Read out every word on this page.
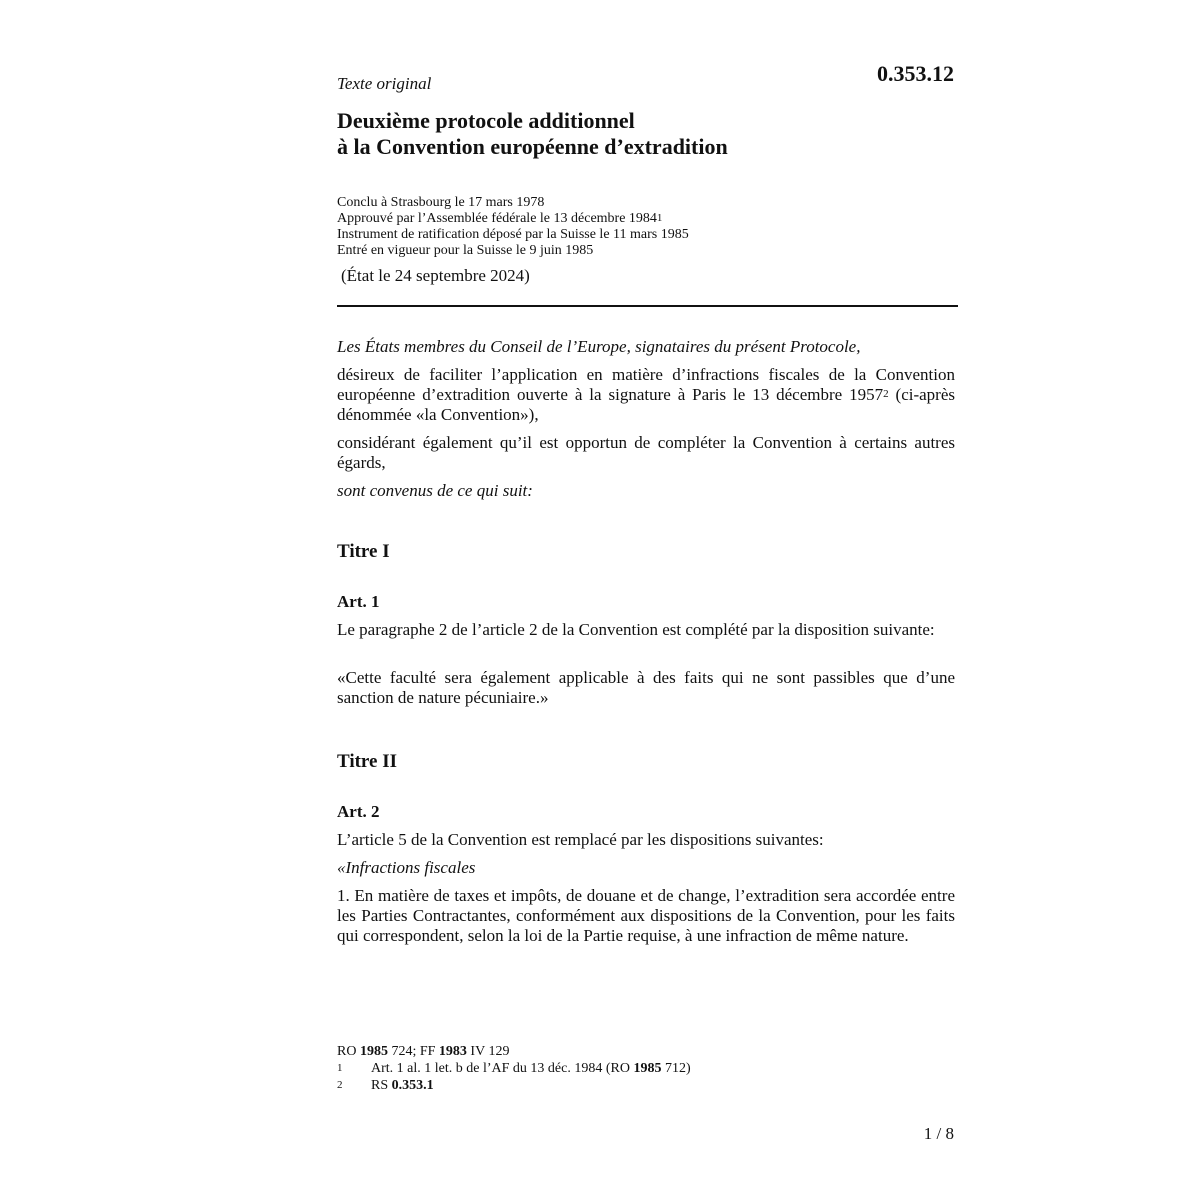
Texte original	0.353.12
Deuxième protocole additionnel
à la Convention européenne d’extradition
Conclu à Strasbourg le 17 mars 1978
Approuvé par l’Assemblée fédérale le 13 décembre 1984$^1$
Instrument de ratification déposé par la Suisse le 11 mars 1985
Entré en vigueur pour la Suisse le 9 juin 1985
(État le 24 septembre 2024)
Les États membres du Conseil de l’Europe, signataires du présent Protocole,
désireux de faciliter l’application en matière d’infractions fiscales de la Convention européenne d’extradition ouverte à la signature à Paris le 13 décembre 1957$^2$ (ci-après dénommée «la Convention»),
considérant également qu’il est opportun de compléter la Convention à certains autres égards,
sont convenus de ce qui suit:
Titre I
Art. 1
Le paragraphe 2 de l’article 2 de la Convention est complété par la disposition suivante:
«Cette faculté sera également applicable à des faits qui ne sont passibles que d’une sanction de nature pécuniaire.»
Titre II
Art. 2
L’article 5 de la Convention est remplacé par les dispositions suivantes:
«Infractions fiscales
1. En matière de taxes et impôts, de douane et de change, l’extradition sera accordée entre les Parties Contractantes, conformément aux dispositions de la Convention, pour les faits qui correspondent, selon la loi de la Partie requise, à une infraction de même nature.
RO 1985 724; FF 1983 IV 129
1	Art. 1 al. 1 let. b de l’AF du 13 déc. 1984 (RO 1985 712)
2	RS 0.353.1
1 / 8
